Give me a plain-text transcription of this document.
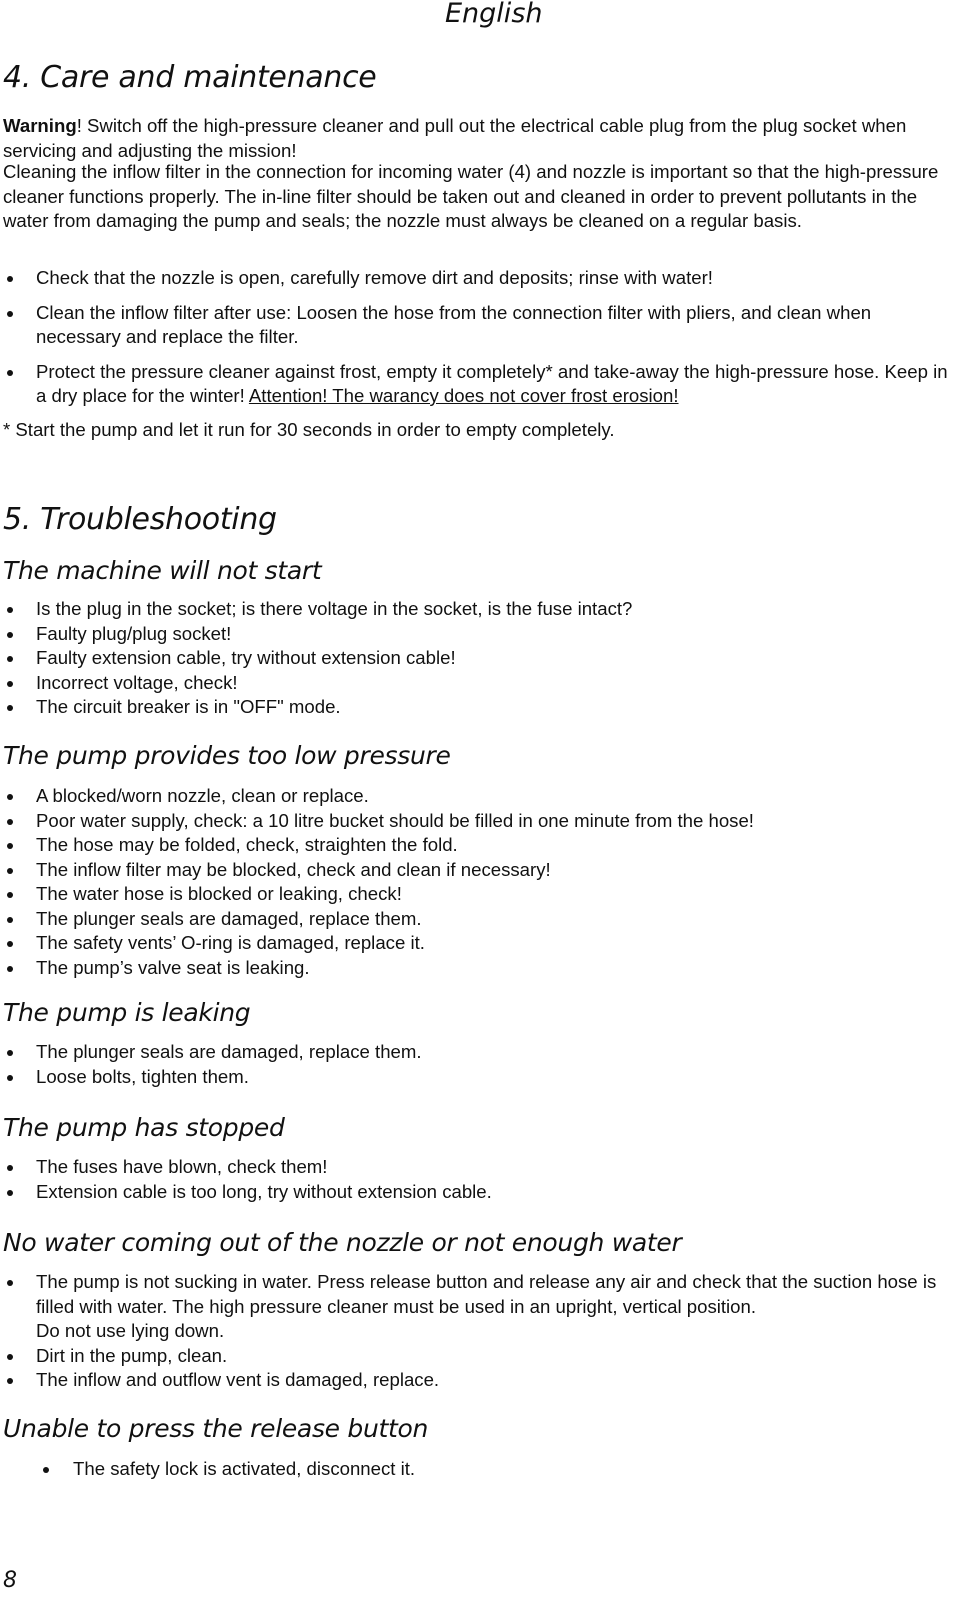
English
4. Care and maintenance

Warning! Switch off the high-pressure cleaner and pull out the electrical cable plug from the plug socket when servicing and adjusting the mission!

Cleaning the inflow filter in the connection for incoming water (4) and nozzle is important so that the high-pressure cleaner functions properly. The in-line filter should be taken out and cleaned in order to prevent pollutants in the water from damaging the pump and seals; the nozzle must always be cleaned on a regular basis.

Check that the nozzle is open, carefully remove dirt and deposits; rinse with water!
Clean the inflow filter after use: Loosen the hose from the connection filter with pliers, and clean when necessary and replace the filter.
Protect the pressure cleaner against frost, empty it completely* and take-away the high-pressure hose. Keep in a dry place for the winter! Attention! The warancy does not cover frost erosion!

* Start the pump and let it run for 30 seconds in order to empty completely.

5. Troubleshooting
The machine will not start
Is the plug in the socket; is there voltage in the socket, is the fuse intact?
Faulty plug/plug socket!
Faulty extension cable, try without extension cable!
Incorrect voltage, check!
The circuit breaker is in "OFF" mode.
The pump provides too low pressure
A blocked/worn nozzle, clean or replace.
Poor water supply, check: a 10 litre bucket should be filled in one minute from the hose!
The hose may be folded, check, straighten the fold.
The inflow filter may be blocked, check and clean if necessary!
The water hose is blocked or leaking, check!
The plunger seals are damaged, replace them.
The safety vents’ O-ring is damaged, replace it.
The pump’s valve seat is leaking.
The pump is leaking
The plunger seals are damaged, replace them.
Loose bolts, tighten them.
The pump has stopped
The fuses have blown, check them!
Extension cable is too long, try without extension cable.
No water coming out of the nozzle or not enough water
The pump is not sucking in water. Press release button and release any air and check that the suction hose is filled with water. The high pressure cleaner must be used in an upright, vertical position.
Do not use lying down.
Dirt in the pump, clean.
The inflow and outflow vent is damaged, replace.
Unable to press the release button
The safety lock is activated, disconnect it.
8
